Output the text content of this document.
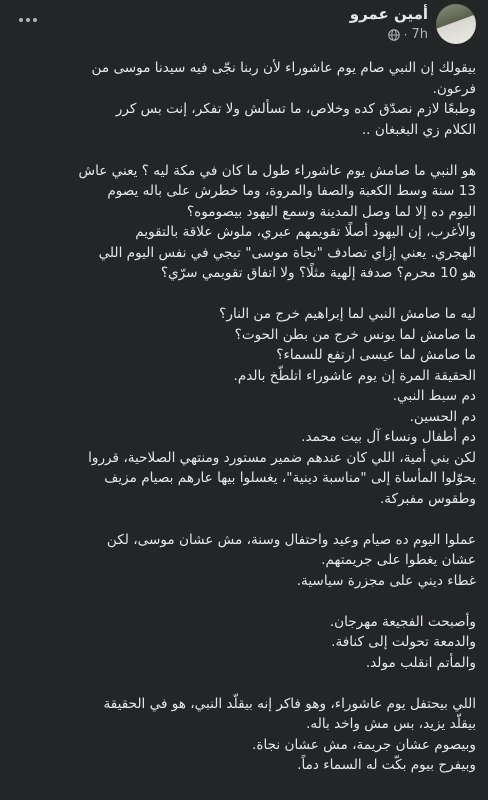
أمين عمرو
7h
·
بيقولك إن النبي صام يوم عاشوراء لأن ربنا نجّى فيه سيدنا موسى من
فرعون.
وطبعًا لازم نصدّق كده وخلاص، ما تسألش ولا تفكر، إنت بس كرر
الكلام زي البغبغان ..
هو النبي ما صامش يوم عاشوراء طول ما كان في مكة ليه ؟ يعني عاش
13 سنة وسط الكعبة والصفا والمروة، وما خطرش على باله يصوم
اليوم ده إلا لما وصل المدينة وسمع اليهود بيصوموه؟
والأغرب، إن اليهود أصلًا تقويمهم عبري، ملوش علاقة بالتقويم
الهجري. يعني إزاي تصادف "نجاة موسى" تيجي في نفس اليوم اللي
هو 10 محرم؟ صدفة إلهية مثلًا؟ ولا اتفاق تقويمي سرّي؟
ليه ما صامش النبي لما إبراهيم خرج من النار؟
ما صامش لما يونس خرج من بطن الحوت؟
ما صامش لما عيسى ارتفع للسماء؟
الحقيقة المرة إن يوم عاشوراء اتلطّخ بالدم.
دم سبط النبي.
دم الحسين.
دم أطفال ونساء آل بيت محمد.
لكن بني أمية، اللي كان عندهم ضمير مستورد ومنتهي الصلاحية، قرروا
يحوّلوا المأساة إلى "مناسبة دينية"، يغسلوا بيها عارهم بصيام مزيف
وطقوس مفبركة.
عملوا اليوم ده صيام وعيد واحتفال وسنة، مش عشان موسى، لكن
عشان يغطوا على جريمتهم.
غطاء ديني على مجزرة سياسية.
وأصبحت الفجيعة مهرجان.
والدمعة تحولت إلى كنافة.
والمأتم انقلب مولد.
اللي بيحتفل يوم عاشوراء، وهو فاكر إنه بيقلّد النبي، هو في الحقيقة
بيقلّد يزيد، بس مش واخد باله.
وبيصوم عشان جريمة، مش عشان نجاة.
وبيفرح بيوم بكّت له السماء دماً.
